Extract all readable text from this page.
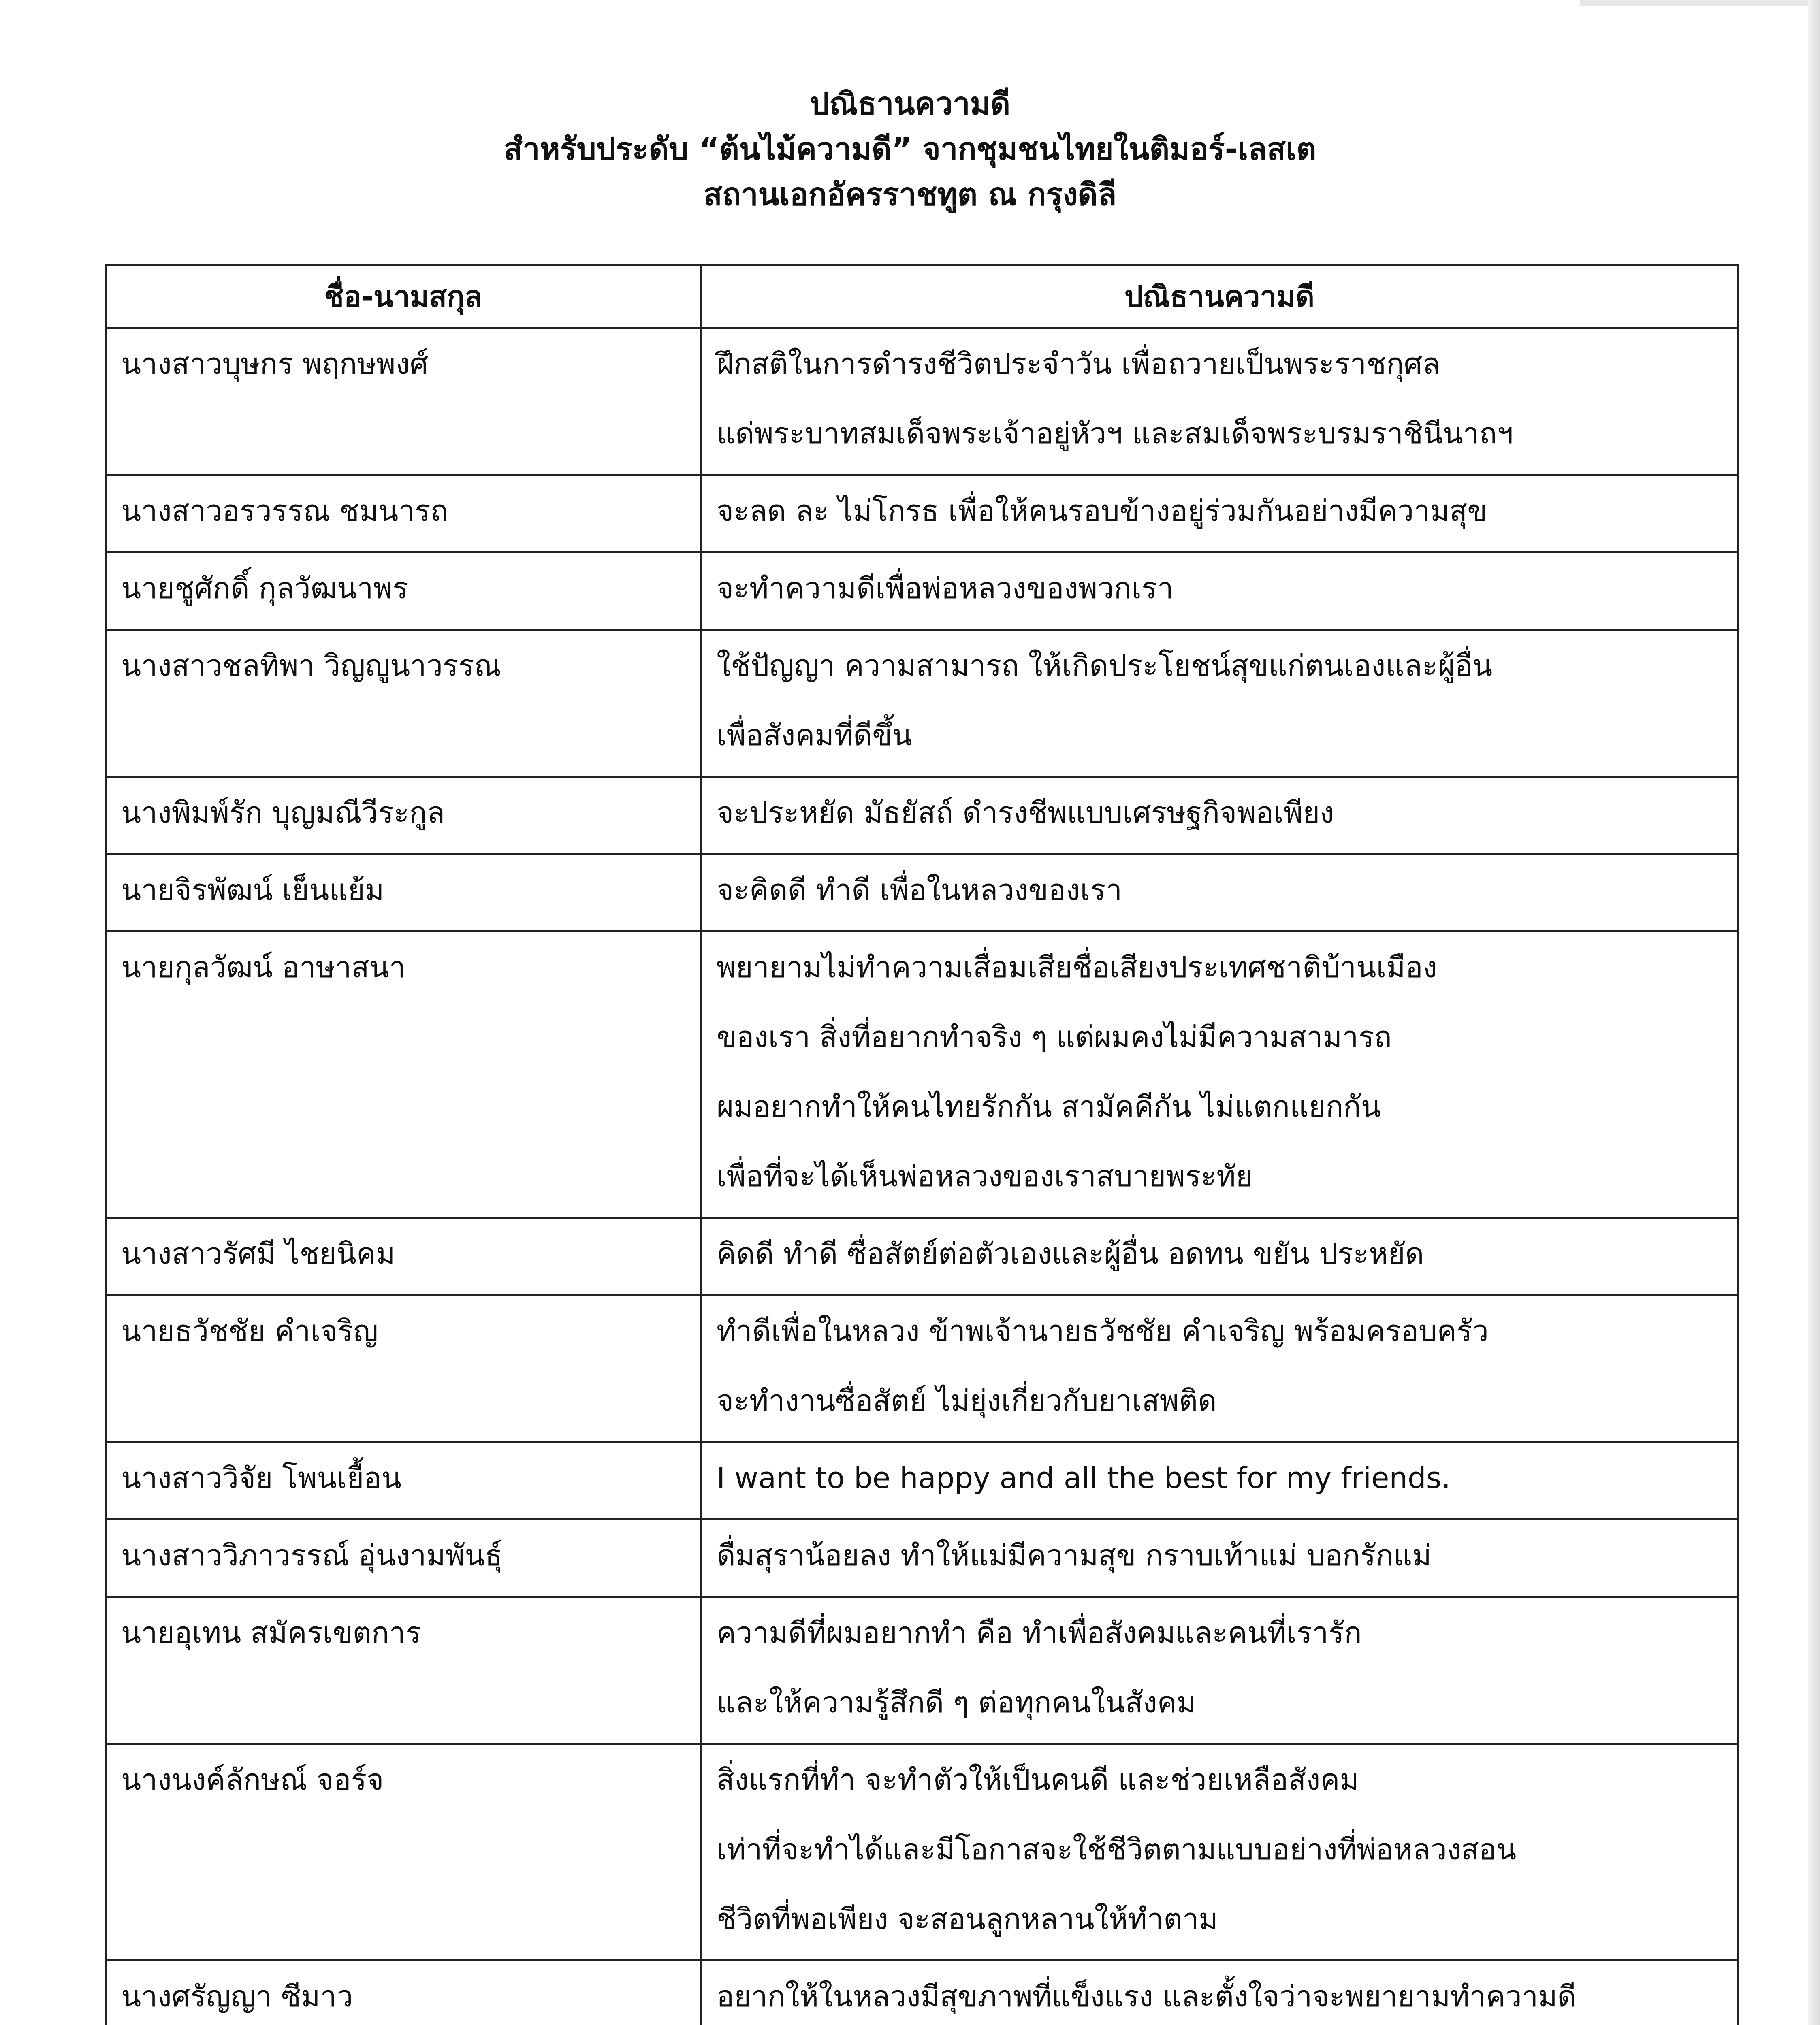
ปณิธานความดี
สำหรับประดับ “ต้นไม้ความดี” จากชุมชนไทยในติมอร์-เลสเต
สถานเอกอัครราชทูต ณ กรุงดิลี
ชื่อ-นามสกุล	ปณิธานความดี
นางสาวบุษกร พฤกษพงศ์	ฝึกสติในการดำรงชีวิตประจำวัน เพื่อถวายเป็นพระราชกุศล
แด่พระบาทสมเด็จพระเจ้าอยู่หัวฯ และสมเด็จพระบรมราชินีนาถฯ

นางสาวอรวรรณ ชมนารถ	จะลด ละ ไม่โกรธ เพื่อให้คนรอบข้างอยู่ร่วมกันอย่างมีความสุข

นายชูศักดิ์ กุลวัฒนาพร	จะทำความดีเพื่อพ่อหลวงของพวกเรา

นางสาวชลทิพา วิญญูนาวรรณ	ใช้ปัญญา ความสามารถ ให้เกิดประโยชน์สุขแก่ตนเองและผู้อื่น
เพื่อสังคมที่ดีขึ้น

นางพิมพ์รัก บุญมณีวีระกูล	จะประหยัด มัธยัสถ์ ดำรงชีพแบบเศรษฐกิจพอเพียง

นายจิรพัฒน์ เย็นแย้ม	จะคิดดี ทำดี เพื่อในหลวงของเรา

นายกุลวัฒน์ อาษาสนา	พยายามไม่ทำความเสื่อมเสียชื่อเสียงประเทศชาติบ้านเมือง
ของเรา สิ่งที่อยากทำจริง ๆ แต่ผมคงไม่มีความสามารถ
ผมอยากทำให้คนไทยรักกัน สามัคคีกัน ไม่แตกแยกกัน
เพื่อที่จะได้เห็นพ่อหลวงของเราสบายพระทัย

นางสาวรัศมี ไชยนิคม	คิดดี ทำดี ซื่อสัตย์ต่อตัวเองและผู้อื่น อดทน ขยัน ประหยัด

นายธวัชชัย คำเจริญ	ทำดีเพื่อในหลวง ข้าพเจ้านายธวัชชัย คำเจริญ พร้อมครอบครัว
จะทำงานซื่อสัตย์ ไม่ยุ่งเกี่ยวกับยาเสพติด

นางสาววิจัย โพนเยื้อน	I want to be happy and all the best for my friends.

นางสาววิภาวรรณ์ อุ่นงามพันธุ์	ดื่มสุราน้อยลง ทำให้แม่มีความสุข กราบเท้าแม่ บอกรักแม่

นายอุเทน สมัครเขตการ	ความดีที่ผมอยากทำ คือ ทำเพื่อสังคมและคนที่เรารัก
และให้ความรู้สึกดี ๆ ต่อทุกคนในสังคม

นางนงค์ลักษณ์ จอร์จ	สิ่งแรกที่ทำ จะทำตัวให้เป็นคนดี และช่วยเหลือสังคม
เท่าที่จะทำได้และมีโอกาสจะใช้ชีวิตตามแบบอย่างที่พ่อหลวงสอน
ชีวิตที่พอเพียง จะสอนลูกหลานให้ทำตาม

นางศรัญญา ซีมาว	อยากให้ในหลวงมีสุขภาพที่แข็งแรง และตั้งใจว่าจะพยายามทำความดี
